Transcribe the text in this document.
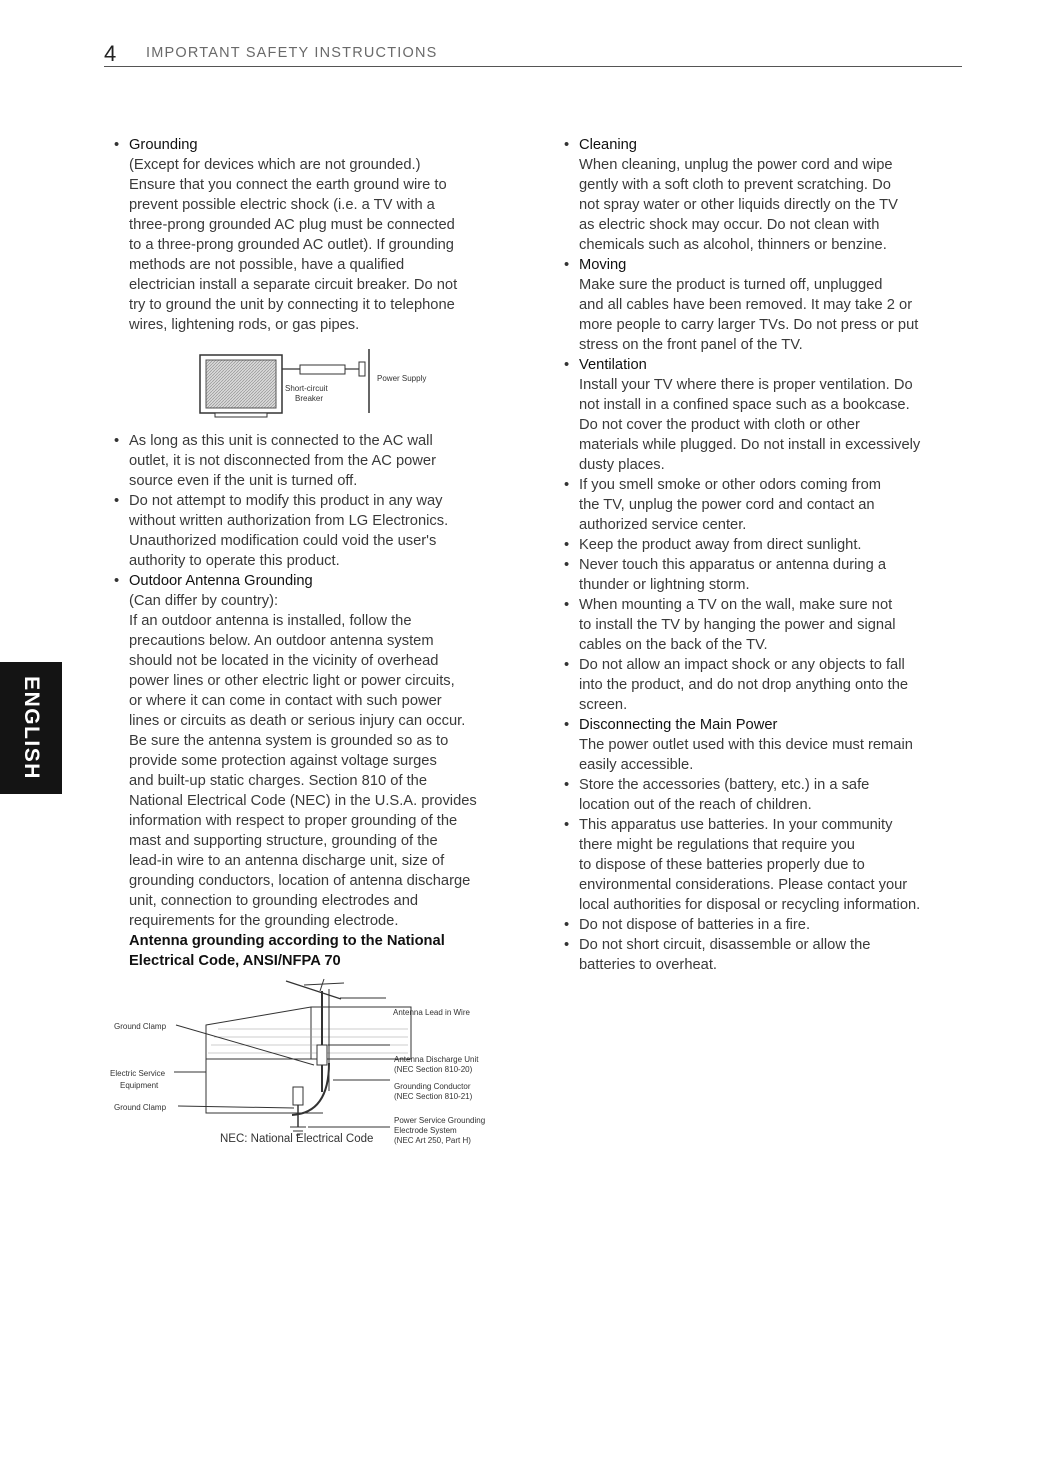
4 IMPORTANT SAFETY INSTRUCTIONS
ENGLISH
• Grounding
(Except for devices which are not grounded.)
Ensure that you connect the earth ground wire to
prevent possible electric shock (i.e. a TV with a
three-prong grounded AC plug must be connected
to a three-prong grounded AC outlet). If grounding
methods are not possible, have a qualified
electrician install a separate circuit breaker. Do not
try to ground the unit by connecting it to telephone
wires, lightening rods, or gas pipes.
Power Supply
Short-circuit
Breaker
• As long as this unit is connected to the AC wall
outlet, it is not disconnected from the AC power
source even if the unit is turned off.
• Do not attempt to modify this product in any way
without written authorization from LG Electronics.
Unauthorized modification could void the user's
authority to operate this product.
• Outdoor Antenna Grounding
(Can differ by country):
If an outdoor antenna is installed, follow the
precautions below. An outdoor antenna system
should not be located in the vicinity of overhead
power lines or other electric light or power circuits,
or where it can come in contact with such power
lines or circuits as death or serious injury can occur.
Be sure the antenna system is grounded so as to
provide some protection against voltage surges
and built-up static charges. Section 810 of the
National Electrical Code (NEC) in the U.S.A. provides
information with respect to proper grounding of the
mast and supporting structure, grounding of the
lead-in wire to an antenna discharge unit, size of
grounding conductors, location of antenna discharge
unit, connection to grounding electrodes and
requirements for the grounding electrode.
Antenna grounding according to the National
Electrical Code, ANSI/NFPA 70
Ground Clamp
Electric Service
Equipment
Ground Clamp
NEC: National Electrical Code
Antenna Lead in Wire
Antenna Discharge Unit
(NEC Section 810-20)
Grounding Conductor
(NEC Section 810-21)
Power Service Grounding
Electrode System
(NEC Art 250, Part H)
• Cleaning
When cleaning, unplug the power cord and wipe
gently with a soft cloth to prevent scratching. Do
not spray water or other liquids directly on the TV
as electric shock may occur. Do not clean with
chemicals such as alcohol, thinners or benzine.
• Moving
Make sure the product is turned off, unplugged
and all cables have been removed. It may take 2 or
more people to carry larger TVs. Do not press or put
stress on the front panel of the TV.
• Ventilation
Install your TV where there is proper ventilation. Do
not install in a confined space such as a bookcase.
Do not cover the product with cloth or other
materials while plugged. Do not install in excessively
dusty places.
• If you smell smoke or other odors coming from
the TV, unplug the power cord and contact an
authorized service center.
• Keep the product away from direct sunlight.
• Never touch this apparatus or antenna during a
thunder or lightning storm.
• When mounting a TV on the wall, make sure not
to install the TV by hanging the power and signal
cables on the back of the TV.
• Do not allow an impact shock or any objects to fall
into the product, and do not drop anything onto the
screen.
• Disconnecting the Main Power
The power outlet used with this device must remain
easily accessible.
• Store the accessories (battery, etc.) in a safe
location out of the reach of children.
• This apparatus use batteries. In your community
there might be regulations that require you
to dispose of these batteries properly due to
environmental considerations. Please contact your
local authorities for disposal or recycling information.
• Do not dispose of batteries in a fire.
• Do not short circuit, disassemble or allow the
batteries to overheat.
